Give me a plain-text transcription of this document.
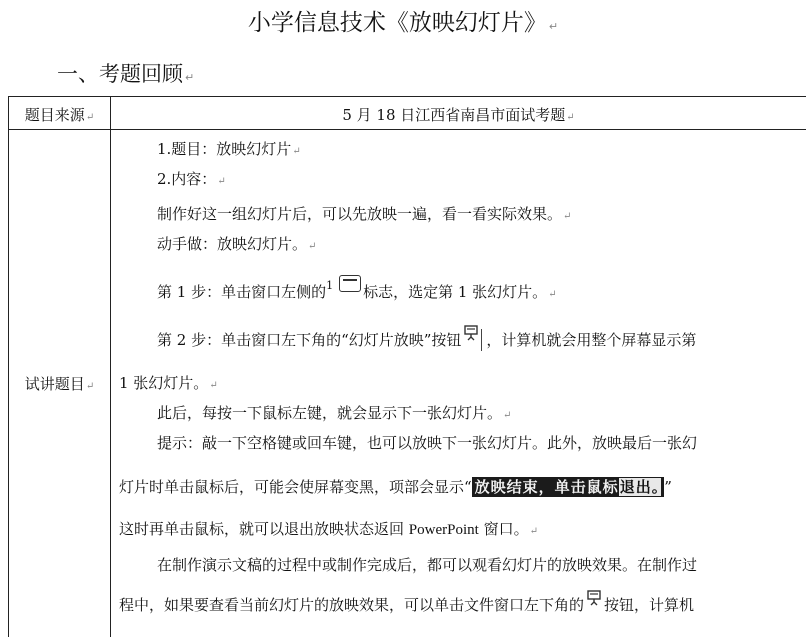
小学信息技术《放映幻灯片》 ↵
一、考题回顾 ↵
题目来源↵	5 月 18 日江西省南昌市面试考题↵
试讲题目↵
1.题目：放映幻灯片↵
2.内容：↵
制作好这一组幻灯片后，可以先放映一遍，看一看实际效果。↵
动手做：放映幻灯片。↵
第 1 步：单击窗口左侧的$^1$ 标志，选定第 1 张幻灯片。↵
第 2 步：单击窗口左下角的“幻灯片放映”按钮 ，计算机就会用整个屏幕显示第
1 张幻灯片。↵
此后，每按一下鼠标左键，就会显示下一张幻灯片。↵
提示：敲一下空格键或回车键，也可以放映下一张幻灯片。此外，放映最后一张幻
灯片时单击鼠标后，可能会使屏幕变黑，项部会显示“ 放映结束，单击鼠标退出。 ”
这时再单击鼠标，就可以退出放映状态返回 PowerPoint 窗口。↵
在制作演示文稿的过程中或制作完成后，都可以观看幻灯片的放映效果。在制作过
程中，如果要查看当前幻灯片的放映效果，可以单击文件窗口左下角的 按钮，计算机
